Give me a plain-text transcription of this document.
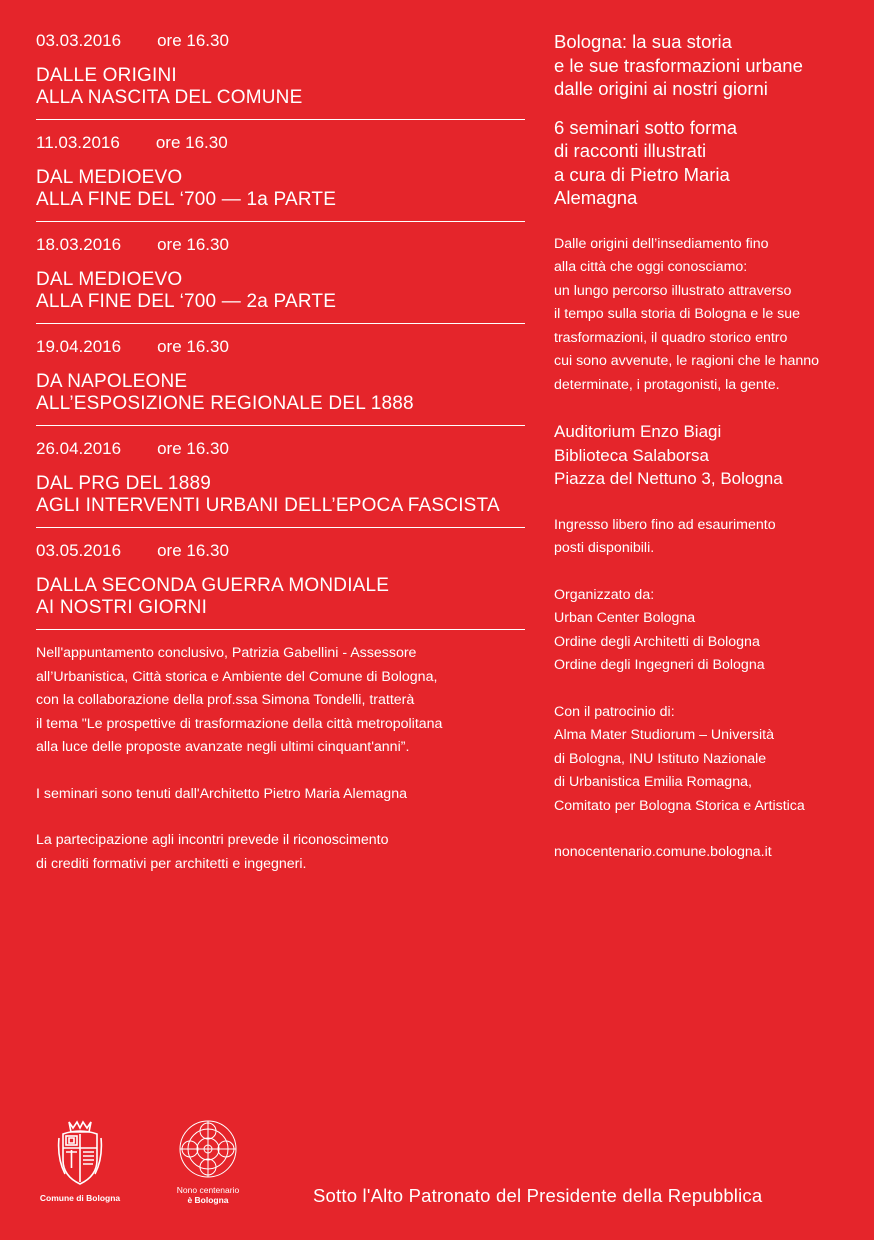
03.03.2016 ore 16.30
DALLE ORIGINI
ALLA NASCITA DEL COMUNE
11.03.2016 ore 16.30
DAL MEDIOEVO
ALLA FINE DEL ‘700 — 1a PARTE
18.03.2016 ore 16.30
DAL MEDIOEVO
ALLA FINE DEL ‘700 — 2a PARTE
19.04.2016 ore 16.30
DA NAPOLEONE
ALL’ESPOSIZIONE REGIONALE DEL 1888
26.04.2016 ore 16.30
DAL PRG DEL 1889
AGLI INTERVENTI URBANI DELL’EPOCA FASCISTA
03.05.2016 ore 16.30
DALLA SECONDA GUERRA MONDIALE
AI NOSTRI GIORNI

Nell'appuntamento conclusivo, Patrizia Gabellini - Assessore
all’Urbanistica, Città storica e Ambiente del Comune di Bologna,
con la collaborazione della prof.ssa Simona Tondelli, tratterà
il tema "Le prospettive di trasformazione della città metropolitana
alla luce delle proposte avanzate negli ultimi cinquant'anni”.

I seminari sono tenuti dall'Architetto Pietro Maria Alemagna

La partecipazione agli incontri prevede il riconoscimento
di crediti formativi per architetti e ingegneri.

Bologna: la sua storia
e le sue trasformazioni urbane
dalle origini ai nostri giorni
6 seminari sotto forma
di racconti illustrati
a cura di Pietro Maria
Alemagna
Dalle origini dell’insediamento fino
alla città che oggi conosciamo:
un lungo percorso illustrato attraverso
il tempo sulla storia di Bologna e le sue
trasformazioni, il quadro storico entro
cui sono avvenute, le ragioni che le hanno
determinate, i protagonisti, la gente.
Auditorium Enzo Biagi
Biblioteca Salaborsa
Piazza del Nettuno 3, Bologna
Ingresso libero fino ad esaurimento
posti disponibili.
Organizzato da:
Urban Center Bologna
Ordine degli Architetti di Bologna
Ordine degli Ingegneri di Bologna
Con il patrocinio di:
Alma Mater Studiorum – Università
di Bologna, INU Istituto Nazionale
di Urbanistica Emilia Romagna,
Comitato per Bologna Storica e Artistica
nonocentenario.comune.bologna.it
Comune di Bologna
Nono centenario
è Bologna	Sotto l'Alto Patronato del Presidente della Repubblica
